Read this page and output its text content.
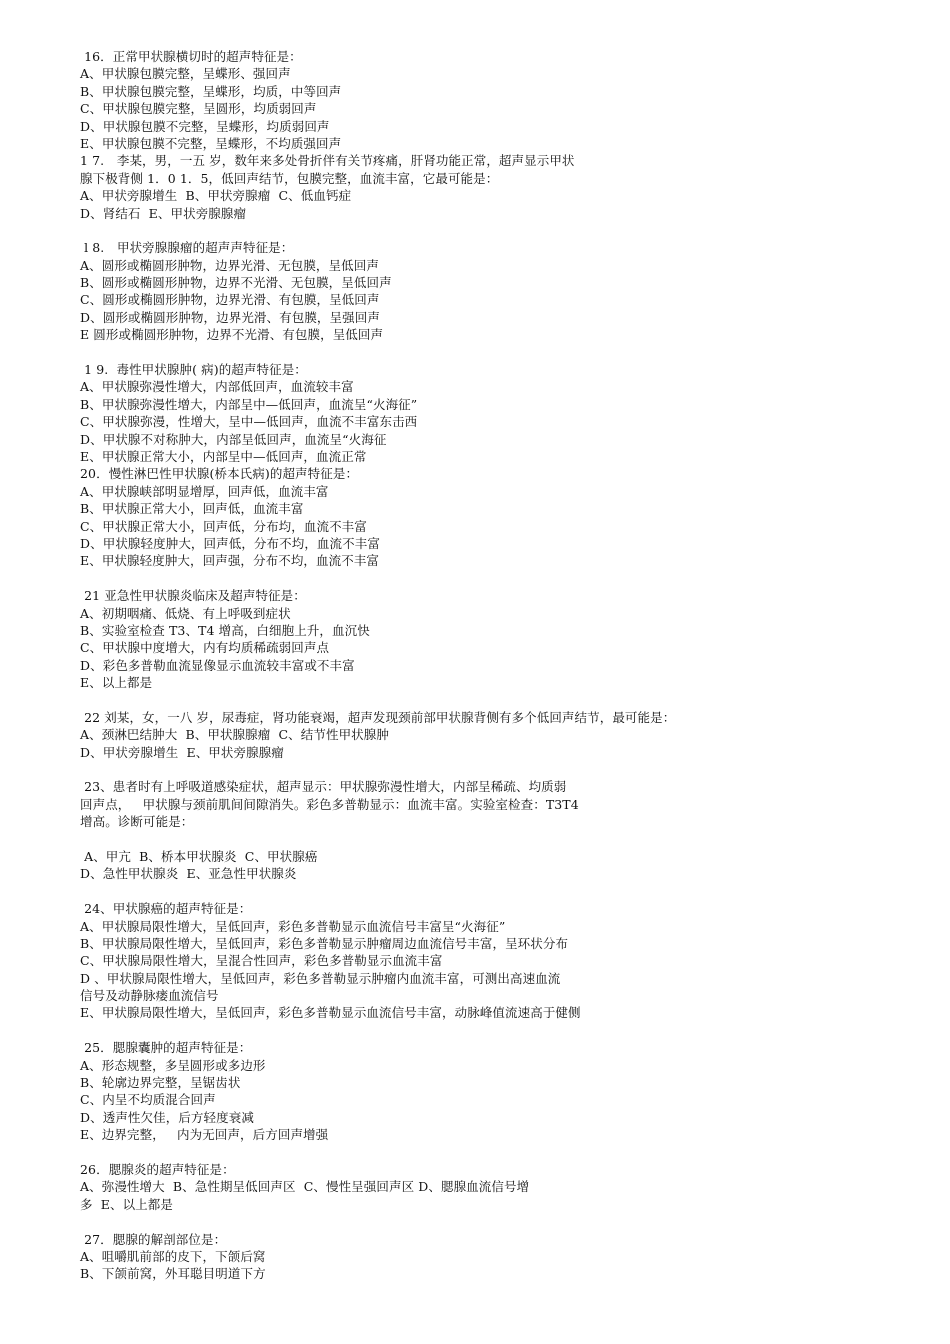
16．正常甲状腺横切时的超声特征是：
A、甲状腺包膜完整，呈蝶形、强回声
B、甲状腺包膜完整，呈蝶形，均质，中等回声
C、甲状腺包膜完整，呈圆形，均质弱回声
D、甲状腺包膜不完整，呈蝶形，均质弱回声
E、甲状腺包膜不完整，呈蝶形，不均质强回声
1 7.　李某，男，一五 岁，数年来多处骨折伴有关节疼痛，肝肾功能正常，超声显示甲状
腺下极背侧 1．0 1．5，低回声结节，包膜完整，血流丰富，它最可能是：
A、甲状旁腺增生  B、甲状旁腺瘤  C、低血钙症
D、肾结石  E、甲状旁腺腺瘤
l 8.　甲状旁腺腺瘤的超声声特征是：
A、圆形或椭圆形肿物，边界光滑、无包膜，呈低回声
B、圆形或椭圆形肿物，边界不光滑、无包膜，呈低回声
C、圆形或椭圆形肿物，边界光滑、有包膜，呈低回声
D、圆形或椭圆形肿物，边界光滑、有包膜，呈强回声
E 圆形或椭圆形肿物，边界不光滑、有包膜，呈低回声
1 9.  毒性甲状腺肿( 病)的超声特征是：
A、甲状腺弥漫性增大，内部低回声，血流较丰富
B、甲状腺弥漫性增大，内部呈中—低回声，血流呈“火海征”
C、甲状腺弥漫，性增大，呈中—低回声，血流不丰富东击西
D、甲状腺不对称肿大，内部呈低回声，血流呈“火海征
E、甲状腺正常大小，内部呈中—低回声，血流正常
20．慢性淋巴性甲状腺(桥本氏病)的超声特征是：
A、甲状腺峡部明显增厚，回声低，血流丰富
B、甲状腺正常大小，回声低，血流丰富
C、甲状腺正常大小，回声低，分布均，血流不丰富
D、甲状腺轻度肿大，回声低，分布不均，血流不丰富
E、甲状腺轻度肿大，回声强，分布不均，血流不丰富
21 亚急性甲状腺炎临床及超声特征是：
A、初期咽痛、低烧、有上呼吸到症状
B、实验室检查 T3、T4 增高，白细胞上升，血沉快
C、甲状腺中度增大，内有均质稀疏弱回声点
D、彩色多普勒血流显像显示血流较丰富或不丰富
E、以上都是
22 刘某，女，一八 岁，尿毒症，肾功能衰竭，超声发现颈前部甲状腺背侧有多个低回声结节，最可能是：
A、颈淋巴结肿大  B、甲状腺腺瘤  C、结节性甲状腺肿
D、甲状旁腺增生  E、甲状旁腺腺瘤
23、患者时有上呼吸道感染症状，超声显示：甲状腺弥漫性增大，内部呈稀疏、均质弱
回声点，   甲状腺与颈前肌间间隙消失。彩色多普勒显示：血流丰富。实验室检查：T3T4
增高。诊断可能是：
A、甲亢  B、桥本甲状腺炎  C、甲状腺癌
D、急性甲状腺炎  E、亚急性甲状腺炎
24、甲状腺癌的超声特征是：
A、甲状腺局限性增大，呈低回声，彩色多普勒显示血流信号丰富呈“火海征”
B、甲状腺局限性增大，呈低回声，彩色多普勒显示肿瘤周边血流信号丰富，呈环状分布
C、甲状腺局限性增大，呈混合性回声，彩色多普勒显示血流丰富
D 、甲状腺局限性增大，呈低回声，彩色多普勒显示肿瘤内血流丰富，可测出高速血流
信号及动静脉瘘血流信号
E、甲状腺局限性增大，呈低回声，彩色多普勒显示血流信号丰富，动脉峰值流速高于健侧
25．腮腺囊肿的超声特征是：
A、形态规整，多呈圆形或多边形
B、轮廓边界完整，呈锯齿状
C、内呈不均质混合回声
D、透声性欠佳，后方轻度衰减
E、边界完整，   内为无回声，后方回声增强
26．腮腺炎的超声特征是：
A、弥漫性增大  B、急性期呈低回声区  C、慢性呈强回声区 D、腮腺血流信号增
多  E、以上都是
27．腮腺的解剖部位是：
A、咀嚼肌前部的皮下，下颌后窝
B、下颌前窝，外耳聪目明道下方
